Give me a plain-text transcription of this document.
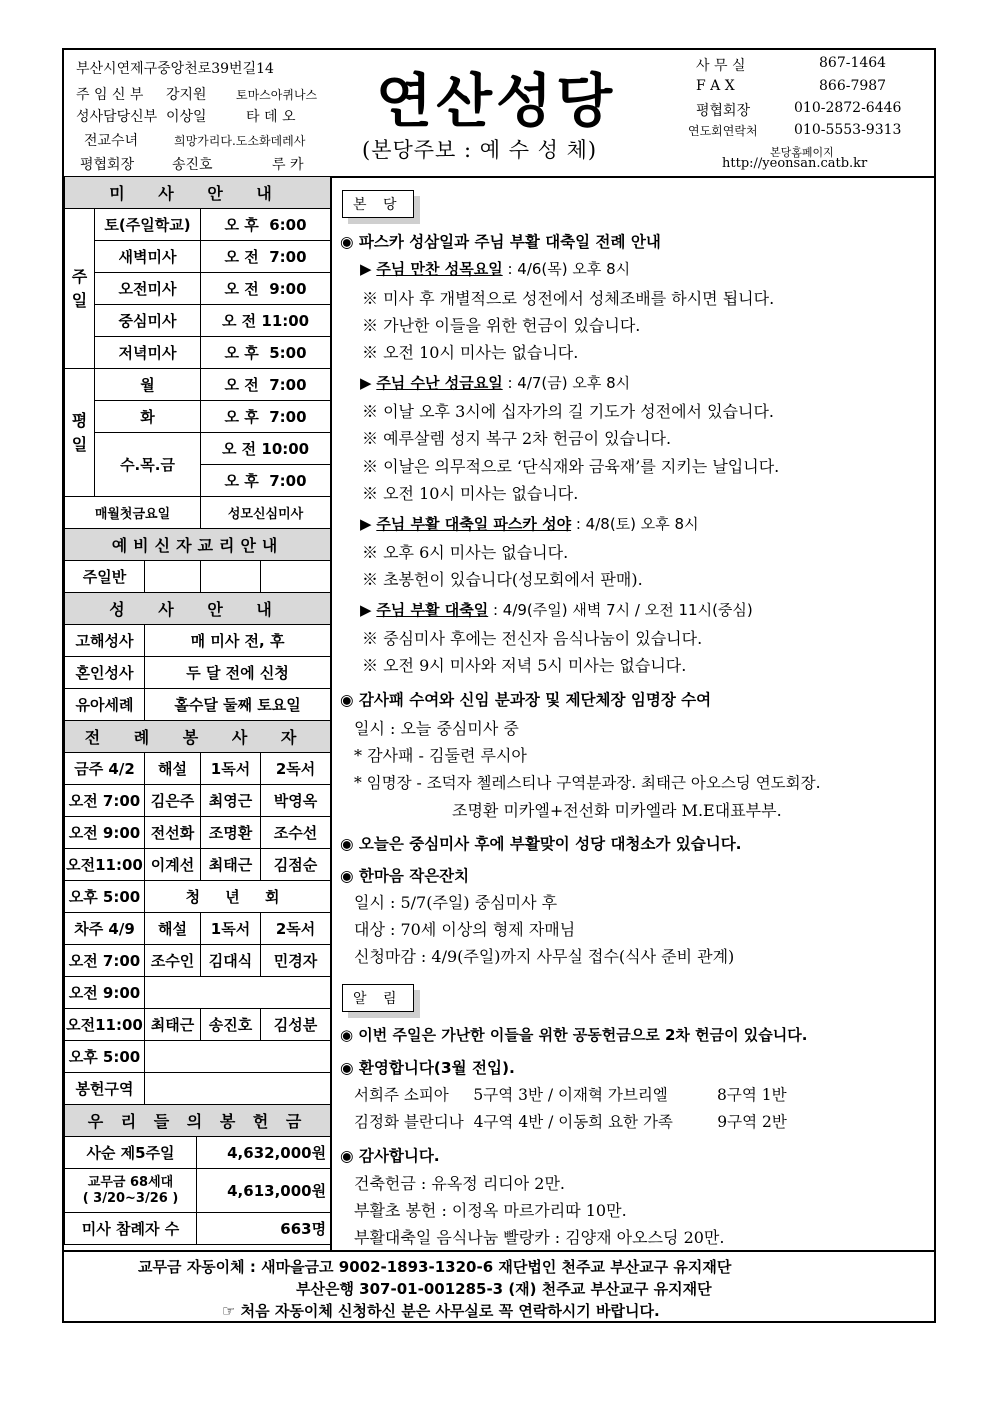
부산시연제구중앙천로39번길14
주 임 신 부 강지원 토마스아퀴나스
성사담당신부 이상일	타 데 오
전교수녀	희망가리다.도소화데레사
평협회장	송진호	루 카
연산성당
(본당주보 : 예 수 성 체)
사 무 실	867-1464
F A X	866-7987
평협회장	010-2872-6446
연도회연락처	010-5553-9313
본당홈페이지
http://yeonsan.catb.kr
미 사 안 내					
주일	토(주일학교)			오 후  6:00	
	새벽미사			오 전  7:00	
	오전미사			오 전  9:00	
	중심미사			오 전 11:00	
	저녁미사			오 후  5:00	
평일	월			오 전  7:00	
	화			오 후  7:00	
	수.목.금			오 전 10:00	
				오 후  7:00	
매월첫금요일				성모신심미사	
예비신자교리안내					
주일반					
성 사 안 내					
고해성사		매 미사 전, 후			
혼인성사		두 달 전에 신청			
유아세례		홀수달 둘째 토요일			
전 례 봉 사 자					
금주 4/2		해설		1독서	2독서
오전 7:00		김은주		최영근	박영옥
오전 9:00		전선화		조명환	조수선
오전11:00		이계선		최태근	김점순
오후 5:00		청 년 회			
차주 4/9		해설		1독서	2독서
오전 7:00		조수인		김대식	민경자
오전 9:00					
오전11:00		최태근		송진호	김성분
오후 5:00					
봉헌구역					
우 리 들 의 봉 헌 금					
사순 제5주일			4,632,000원		

교무금 68세대
( 3/20~3/26 )			4,613,000원		
미사 참례자 수			663명		
본 당
◉ 파스카 성삼일과 주님 부활 대축일 전례 안내
▶ 주님 만찬 성목요일 : 4/6(목) 오후 8시
※ 미사 후 개별적으로 성전에서 성체조배를 하시면 됩니다.
※ 가난한 이들을 위한 헌금이 있습니다.
※ 오전 10시 미사는 없습니다.
▶ 주님 수난 성금요일 : 4/7(금) 오후 8시
※ 이날 오후 3시에 십자가의 길 기도가 성전에서 있습니다.
※ 예루살렘 성지 복구 2차 헌금이 있습니다.
※ 이날은 의무적으로 ‘단식재와 금육재’를 지키는 날입니다.
※ 오전 10시 미사는 없습니다.
▶ 주님 부활 대축일 파스카 성야 : 4/8(토) 오후 8시
※ 오후 6시 미사는 없습니다.
※ 초봉헌이 있습니다(성모회에서 판매).
▶ 주님 부활 대축일 : 4/9(주일) 새벽 7시 / 오전 11시(중심)
※ 중심미사 후에는 전신자 음식나눔이 있습니다.
※ 오전 9시 미사와 저녁 5시 미사는 없습니다.
◉ 감사패 수여와 신임 분과장 및 제단체장 임명장 수여
일시 : 오늘 중심미사 중
* 감사패 - 김둘련 루시아
* 임명장 - 조덕자 첼레스티나 구역분과장. 최태근 아오스딩 연도회장.
조명환 미카엘+전선화 미카엘라 M.E대표부부.
◉ 오늘은 중심미사 후에 부활맞이 성당 대청소가 있습니다.
◉ 한마음 작은잔치
일시 : 5/7(주일) 중심미사 후
대상 : 70세 이상의 형제 자매님
신청마감 : 4/9(주일)까지 사무실 접수(식사 준비 관계)
알 림
◉ 이번 주일은 가난한 이들을 위한 공동헌금으로 2차 헌금이 있습니다.
◉ 환영합니다(3월 전입).
서희주 소피아     5구역 3반 / 이재혁 가브리엘          8구역 1반
김정화 블란디나  4구역 4반 / 이동희 요한 가족         9구역 2반
◉ 감사합니다.
건축헌금 : 유옥정 리디아 2만.
부활초 봉헌 : 이정옥 마르가리따 10만.
부활대축일 음식나눔 빨랑카 : 김양재 아오스딩 20만.
교무금 자동이체 : 새마을금고 9002-1893-1320-6 재단법인 천주교 부산교구 유지재단
부산은행 307-01-001285-3 (재) 천주교 부산교구 유지재단
☞ 처음 자동이체 신청하신 분은 사무실로 꼭 연락하시기 바랍니다.
